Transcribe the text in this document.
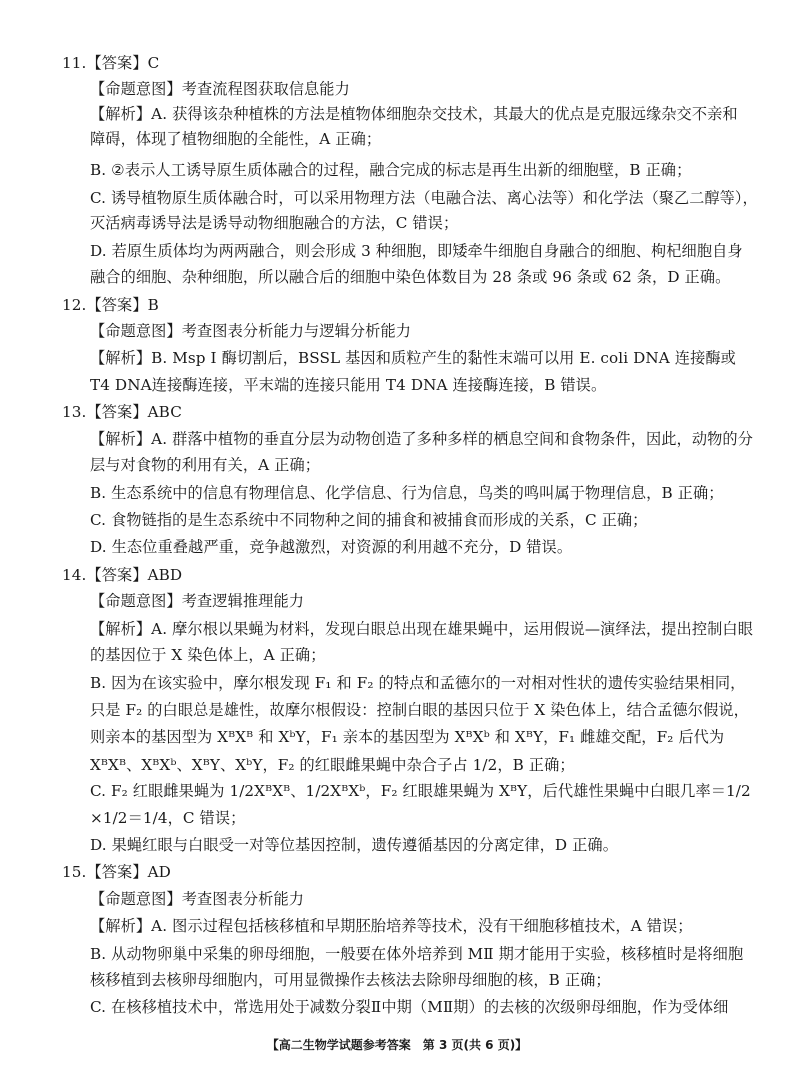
11.【答案】C
【命题意图】考查流程图获取信息能力
【解析】A. 获得该杂种植株的方法是植物体细胞杂交技术，其最大的优点是克服远缘杂交不亲和
障碍，体现了植物细胞的全能性，A 正确；
B. ②表示人工诱导原生质体融合的过程，融合完成的标志是再生出新的细胞壁，B 正确；
C. 诱导植物原生质体融合时，可以采用物理方法（电融合法、离心法等）和化学法（聚乙二醇等），
灭活病毒诱导法是诱导动物细胞融合的方法，C 错误；
D. 若原生质体均为两两融合，则会形成 3 种细胞，即矮牵牛细胞自身融合的细胞、枸杞细胞自身
融合的细胞、杂种细胞，所以融合后的细胞中染色体数目为 28 条或 96 条或 62 条，D 正确。
12.【答案】B
【命题意图】考查图表分析能力与逻辑分析能力
【解析】B. Msp Ⅰ 酶切割后，BSSL 基因和质粒产生的黏性末端可以用 E. coli DNA 连接酶或
T4 DNA连接酶连接，平末端的连接只能用 T4 DNA 连接酶连接，B 错误。
13.【答案】ABC
【解析】A. 群落中植物的垂直分层为动物创造了多种多样的栖息空间和食物条件，因此，动物的分
层与对食物的利用有关，A 正确；
B. 生态系统中的信息有物理信息、化学信息、行为信息，鸟类的鸣叫属于物理信息，B 正确；
C. 食物链指的是生态系统中不同物种之间的捕食和被捕食而形成的关系，C 正确；
D. 生态位重叠越严重，竞争越激烈，对资源的利用越不充分，D 错误。
14.【答案】ABD
【命题意图】考查逻辑推理能力
【解析】A. 摩尔根以果蝇为材料，发现白眼总出现在雄果蝇中，运用假说—演绎法，提出控制白眼
的基因位于 X 染色体上，A 正确；
B. 因为在该实验中，摩尔根发现 F₁ 和 F₂ 的特点和孟德尔的一对相对性状的遗传实验结果相同，
只是 F₂ 的白眼总是雄性，故摩尔根假设：控制白眼的基因只位于 X 染色体上，结合孟德尔假说，
则亲本的基因型为 XᴮXᴮ 和 XᵇY，F₁ 亲本的基因型为 XᴮXᵇ 和 XᴮY，F₁ 雌雄交配，F₂ 后代为
XᴮXᴮ、XᴮXᵇ、XᴮY、XᵇY，F₂ 的红眼雌果蝇中杂合子占 1/2，B 正确；
C. F₂ 红眼雌果蝇为 1/2XᴮXᴮ、1/2XᴮXᵇ，F₂ 红眼雄果蝇为 XᴮY，后代雄性果蝇中白眼几率＝1/2
×1/2＝1/4，C 错误；
D. 果蝇红眼与白眼受一对等位基因控制，遗传遵循基因的分离定律，D 正确。
15.【答案】AD
【命题意图】考查图表分析能力
【解析】A. 图示过程包括核移植和早期胚胎培养等技术，没有干细胞移植技术，A 错误；
B. 从动物卵巢中采集的卵母细胞，一般要在体外培养到 MⅡ 期才能用于实验，核移植时是将细胞
核移植到去核卵母细胞内，可用显微操作去核法去除卵母细胞的核，B 正确；
C. 在核移植技术中，常选用处于减数分裂Ⅱ中期（MⅡ期）的去核的次级卵母细胞，作为受体细
【高二生物学试题参考答案　第 3 页(共 6 页)】
